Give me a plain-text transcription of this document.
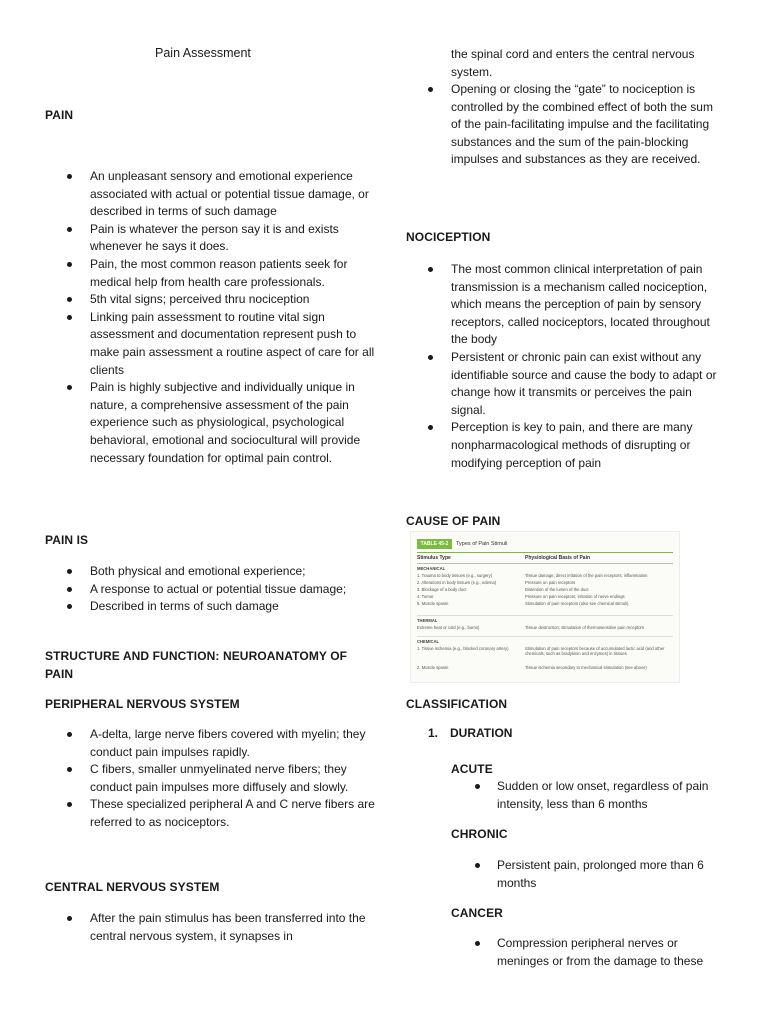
Pain Assessment
PAIN
An unpleasant sensory and emotional experience associated with actual or potential tissue damage, or described in terms of such damage
Pain is whatever the person say it is and exists whenever he says it does.
Pain, the most common reason patients seek for medical help from health care professionals.
5th vital signs; perceived thru nociception
Linking pain assessment to routine vital sign assessment and documentation represent push to make pain assessment a routine aspect of care for all clients
Pain is highly subjective and individually unique in nature, a comprehensive assessment of the pain experience such as physiological, psychological behavioral, emotional and sociocultural will provide necessary foundation for optimal pain control.
PAIN IS
Both physical and emotional experience;
A response to actual or potential tissue damage;
Described in terms of such damage
STRUCTURE AND FUNCTION: NEUROANATOMY OF PAIN
PERIPHERAL NERVOUS SYSTEM
A-delta, large nerve fibers covered with myelin; they conduct pain impulses rapidly.
C fibers, smaller unmyelinated nerve fibers; they conduct pain impulses more diffusely and slowly.
These specialized peripheral A and C nerve fibers are referred to as nociceptors.
CENTRAL NERVOUS SYSTEM
After the pain stimulus has been transferred into the central nervous system, it synapses in
the spinal cord and enters the central nervous system.
Opening or closing the “gate” to nociception is controlled by the combined effect of both the sum of the pain-facilitating impulse and the facilitating substances and the sum of the pain-blocking impulses and substances as they are received.
NOCICEPTION
The most common clinical interpretation of pain transmission is a mechanism called nociception, which means the perception of pain by sensory receptors, called nociceptors, located throughout the body
Persistent or chronic pain can exist without any identifiable source and cause the body to adapt or change how it transmits or perceives the pain signal.
Perception is key to pain, and there are many nonpharmacological methods of disrupting or modifying perception of pain
CAUSE OF PAIN
CLASSIFICATION
1. DURATION
ACUTE
Sudden or low onset, regardless of pain intensity, less than 6 months
CHRONIC
Persistent pain, prolonged more than 6 months
CANCER
Compression peripheral nerves or meninges or from the damage to these
TABLE 45-2	Types of Pain Stimuli
Stimulus Type	Physiological Basis of Pain
MECHANICAL
1. Trauma to body tissues (e.g., surgery)	Tissue damage; direct irritation of the pain receptors; inflammation
2. Alterations in body tissues (e.g., edema)	Pressure on pain receptors
3. Blockage of a body duct	Distention of the lumen of the duct
4. Tumor	Pressure on pain receptors; irritation of nerve endings
5. Muscle spasm	Stimulation of pain receptors (also see chemical stimuli)
THERMAL
Extreme heat or cold (e.g., burns)	Tissue destruction; stimulation of thermosensitive pain receptors
CHEMICAL
1. Tissue ischemia (e.g., blocked coronary artery)	Stimulation of pain receptors because of accumulated lactic acid (and other chemicals, such as bradykinin and enzymes) in tissues
2. Muscle spasm	Tissue ischemia secondary to mechanical stimulation (see above)
